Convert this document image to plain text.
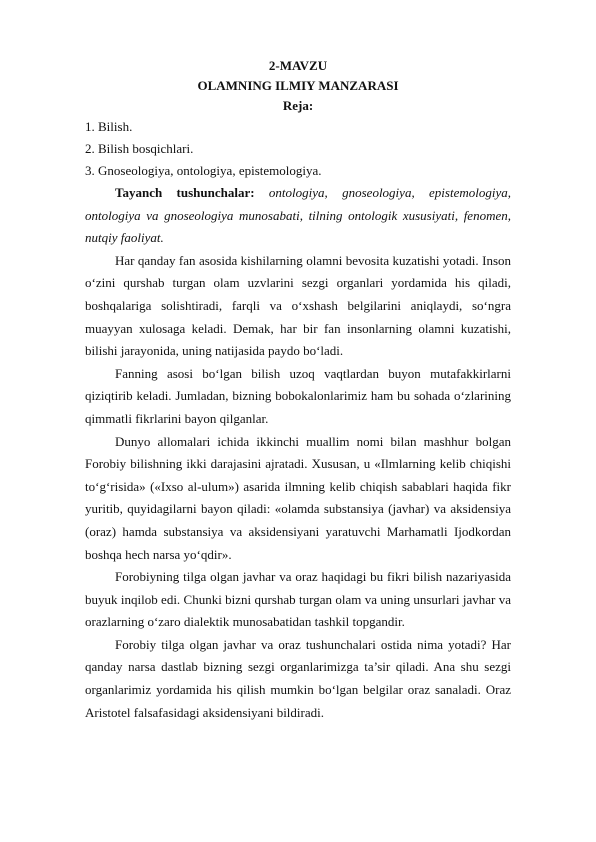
2-MAVZU
OLAMNING ILMIY MANZARASI
Reja:
1. Bilish.
2. Bilish bosqichlari.
3. Gnoseologiya, ontologiya, epistemologiya.

Tayanch tushunchalar: ontologiya, gnoseologiya, epistemologiya, ontologiya va gnoseologiya munosabati, tilning ontologik xususiyati, fenomen, nutqiy faoliyat.

Har qanday fan asosida kishilarning olamni bevosita kuzatishi yotadi. Inson o‘zini qurshab turgan olam uzvlarini sezgi organlari yordamida his qiladi, boshqalariga solishtiradi, farqli va o‘xshash belgilarini aniqlaydi, so‘ngra muayyan xulosaga keladi. Demak, har bir fan insonlarning olamni kuzatishi, bilishi jarayonida, uning natijasida paydo bo‘ladi.

Fanning asosi bo‘lgan bilish uzoq vaqtlardan buyon mutafakkirlarni qiziqtirib keladi. Jumladan, bizning bobokalonlarimiz ham bu sohada o‘zlarining qimmatli fikrlarini bayon qilganlar.

Dunyo allomalari ichida ikkinchi muallim nomi bilan mashhur bolgan Forobiy bilishning ikki darajasini ajratadi. Xususan, u «Ilmlarning kelib chiqishi to‘g‘risida» («Ixso al-ulum») asarida ilmning kelib chiqish sabablari haqida fikr yuritib, quyidagilarni bayon qiladi: «olamda substansiya (javhar) va aksidensiya (oraz) hamda substansiya va aksidensiyani yaratuvchi Marhamatli Ijodkordan boshqa hech narsa yo‘qdir».

Forobiyning tilga olgan javhar va oraz haqidagi bu fikri bilish nazariyasida buyuk inqilob edi. Chunki bizni qurshab turgan olam va uning unsurlari javhar va orazlarning o‘zaro dialektik munosabatidan tashkil topgandir.

Forobiy tilga olgan javhar va oraz tushunchalari ostida nima yotadi? Har qanday narsa dastlab bizning sezgi organlarimizga ta’sir qiladi. Ana shu sezgi organlarimiz yordamida his qilish mumkin bo‘lgan belgilar oraz sanaladi. Oraz Aristotel falsafasidagi aksidensiyani bildiradi.
